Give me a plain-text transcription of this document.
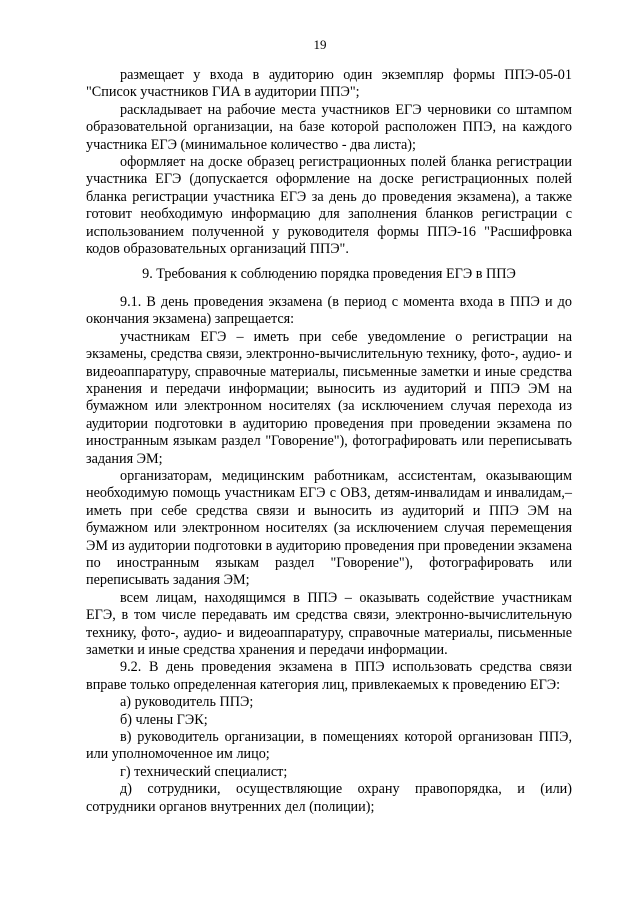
19

размещает у входа в аудиторию один экземпляр формы ППЭ-05-01 "Список участников ГИА в аудитории ППЭ";

раскладывает на рабочие места участников ЕГЭ черновики со штампом образовательной организации, на базе которой расположен ППЭ, на каждого участника ЕГЭ (минимальное количество - два листа);

оформляет на доске образец регистрационных полей бланка регистрации участника ЕГЭ (допускается оформление на доске регистрационных полей бланка регистрации участника ЕГЭ за день до проведения экзамена), а также готовит необходимую информацию для заполнения бланков регистрации с использованием полученной у руководителя формы ППЭ-16 "Расшифровка кодов образовательных организаций ППЭ".

9. Требования к соблюдению порядка проведения ЕГЭ в ППЭ

9.1. В день проведения экзамена (в период с момента входа в ППЭ и до окончания экзамена) запрещается:

участникам ЕГЭ – иметь при себе уведомление о регистрации на экзамены, средства связи, электронно-вычислительную технику, фото-, аудио- и видеоаппаратуру, справочные материалы, письменные заметки и иные средства хранения и передачи информации; выносить из аудиторий и ППЭ ЭМ на бумажном или электронном носителях (за исключением случая перехода из аудитории подготовки в аудиторию проведения при проведении экзамена по иностранным языкам раздел "Говорение"), фотографировать или переписывать задания ЭМ;

организаторам, медицинским работникам, ассистентам, оказывающим необходимую помощь участникам ЕГЭ с ОВЗ, детям-инвалидам и инвалидам,– иметь при себе средства связи и выносить из аудиторий и ППЭ ЭМ на бумажном или электронном носителях (за исключением случая перемещения ЭМ из аудитории подготовки в аудиторию проведения при проведении экзамена по иностранным языкам раздел "Говорение"), фотографировать или переписывать задания ЭМ;

всем лицам, находящимся в ППЭ – оказывать содействие участникам ЕГЭ, в том числе передавать им средства связи, электронно-вычислительную технику, фото-, аудио- и видеоаппаратуру, справочные материалы, письменные заметки и иные средства хранения и передачи информации.

9.2. В день проведения экзамена в ППЭ использовать средства связи вправе только определенная категория лиц, привлекаемых к проведению ЕГЭ:

а) руководитель ППЭ;

б) члены ГЭК;

в) руководитель организации, в помещениях которой организован ППЭ, или уполномоченное им лицо;

г) технический специалист;

д) сотрудники, осуществляющие охрану правопорядка, и (или) сотрудники органов внутренних дел (полиции);
